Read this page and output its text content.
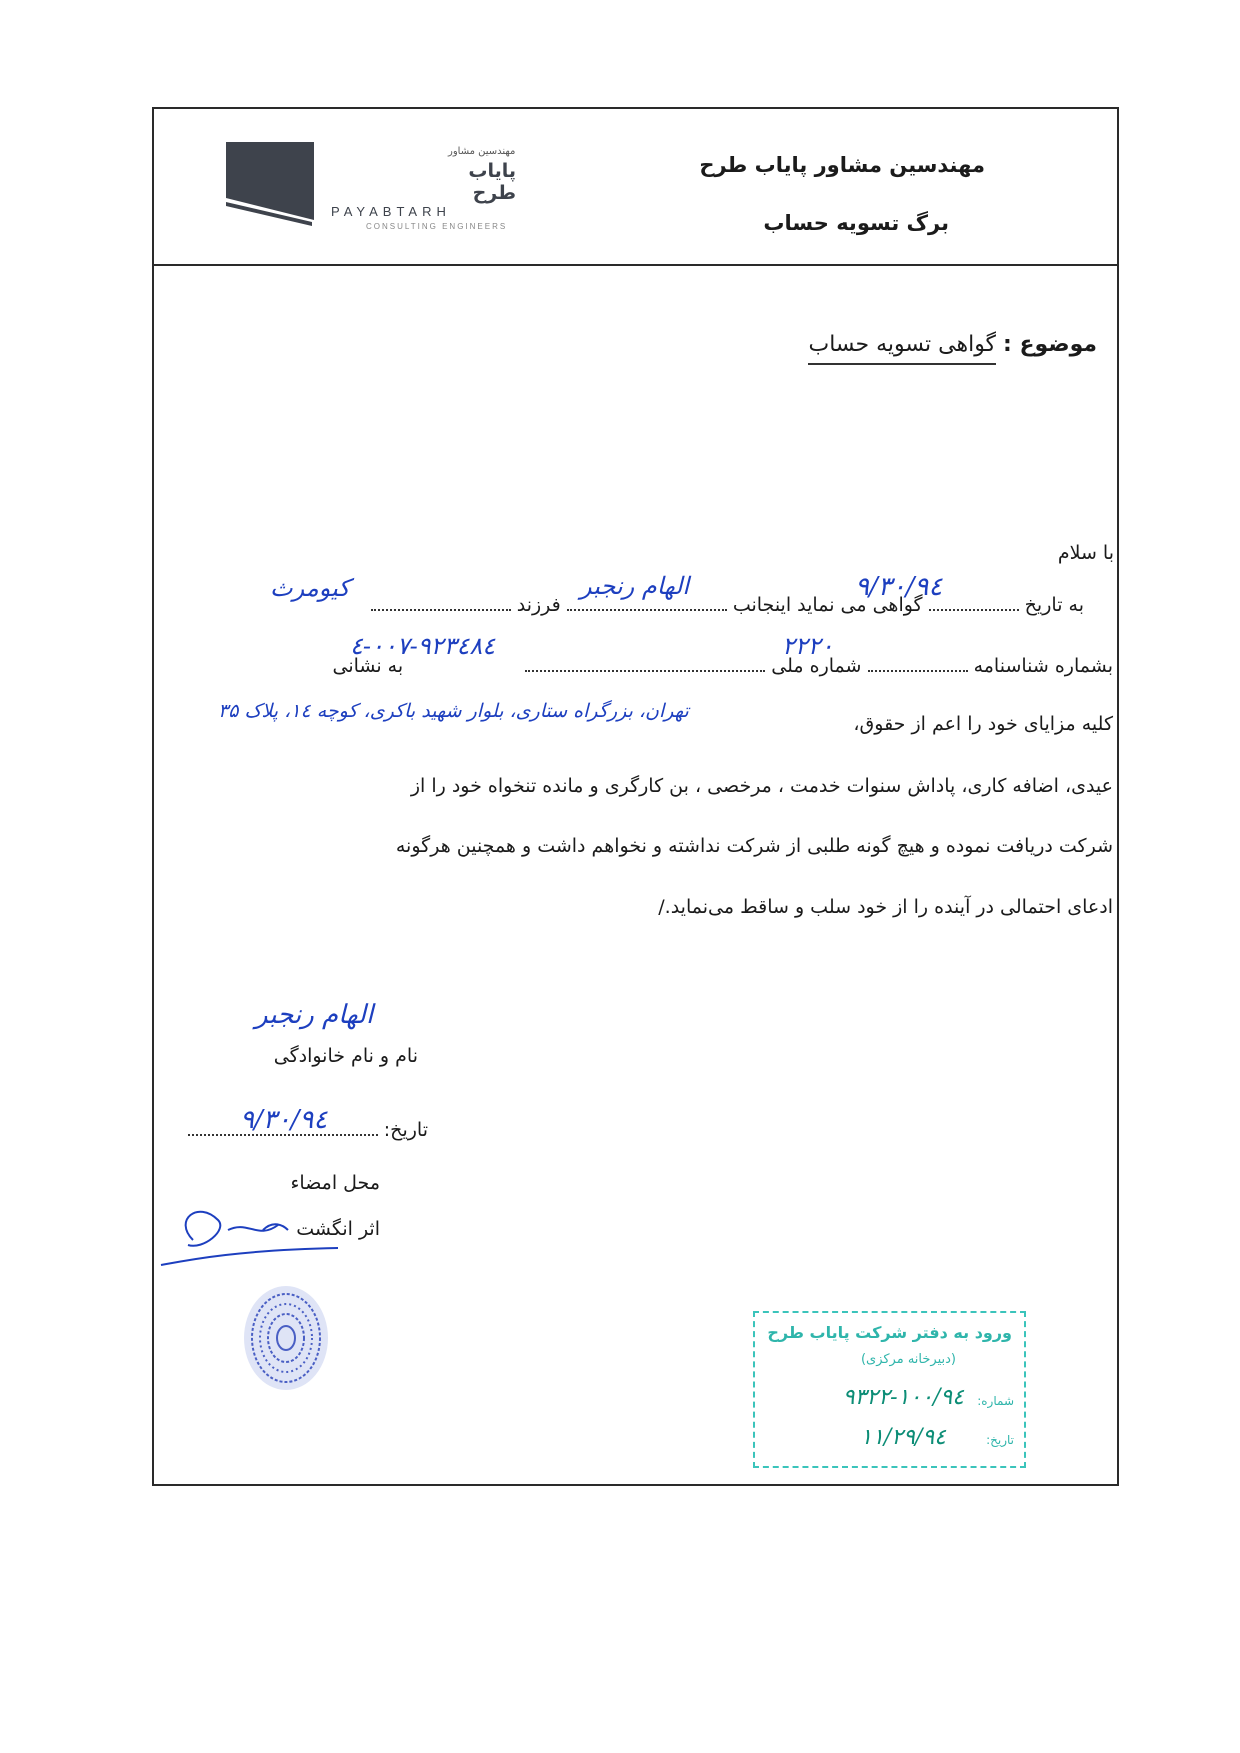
مهندسین مشاور
پایاب طرح
PAYABTARH
CONSULTING ENGINEERS
مهندسین مشاور پایاب طرح
برگ تسویه حساب
موضوع : گواهی تسویه حساب
با سلام
به تاریخ  گواهی می نماید اینجانب  فرزند
۹٤/۹/۳۰
الهام رنجبر
کیومرث
بشماره شناسنامه  شماره ملی   به نشانی
۲۲۲۰
۰۰۷-۹۲۳٤۸٤-٤
کلیه مزایای خود را اعم از حقوق،
تهران، بزرگراه ستاری، بلوار شهید باکری، کوچه ۱٤، پلاک ۳۵
عیدی، اضافه کاری، پاداش سنوات خدمت ، مرخصی ، بن کارگری و مانده تنخواه خود را از
شرکت دریافت نموده و هیچ گونه طلبی از شرکت نداشته و نخواهم داشت و همچنین هرگونه
ادعای احتمالی در آینده را از خود سلب و ساقط می‌نماید./
الهام رنجبر
نام و نام خانوادگی
تاریخ:
۹٤/۹/۳۰
محل امضاء
اثر انگشت
ورود به دفتر شرکت پایاب طرح
(دبیرخانه مرکزی)
شماره:
۱۰۰/۹٤-۹۳۲۲
تاریخ:
۹٤/۱۱/۲۹
